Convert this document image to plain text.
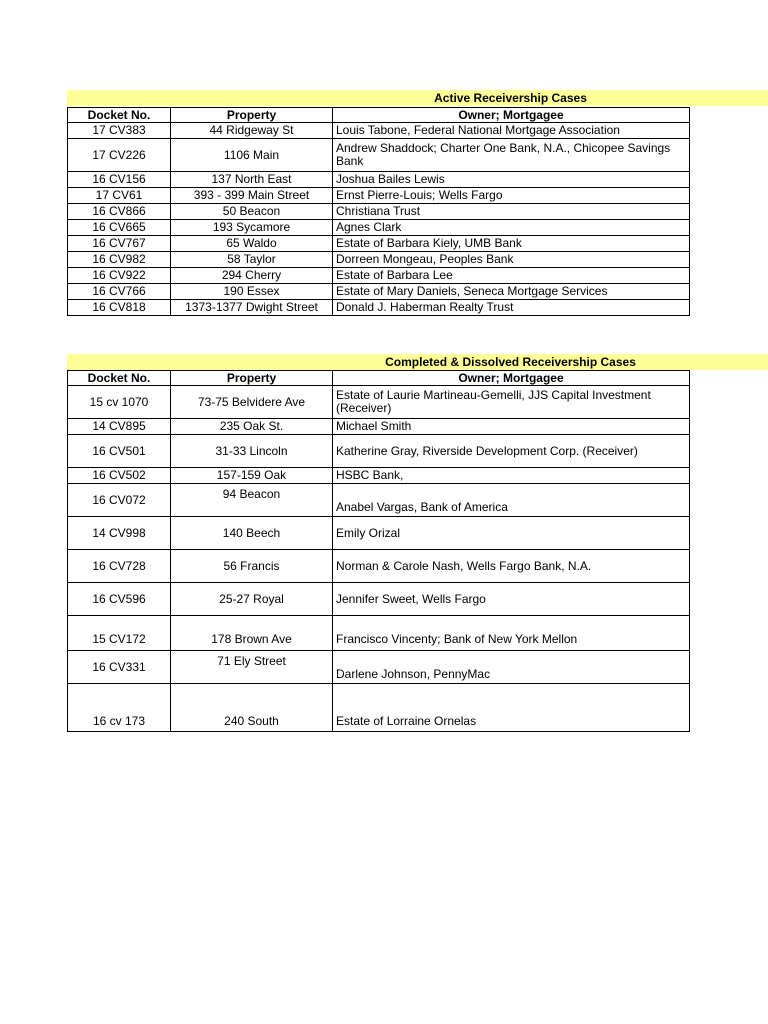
Active Receivership Cases
Docket No.	Property	Owner; Mortgagee
17 CV383	44 Ridgeway St	Louis Tabone, Federal National Mortgage Association
17 CV226	1106 Main	Andrew Shaddock; Charter One Bank, N.A., Chicopee Savings Bank
16 CV156	137 North East	Joshua Bailes Lewis
17 CV61	393 - 399 Main Street	Ernst Pierre-Louis; Wells Fargo
16 CV866	50 Beacon	Christiana Trust
16 CV665	193 Sycamore	Agnes Clark
16 CV767	65 Waldo	Estate of Barbara Kiely, UMB Bank
16 CV982	58 Taylor	Dorreen Mongeau, Peoples Bank
16 CV922	294 Cherry	Estate of Barbara Lee
16 CV766	190 Essex	Estate of Mary Daniels, Seneca Mortgage Services
16 CV818	1373-1377 Dwight Street	Donald J. Haberman Realty Trust
Completed & Dissolved Receivership Cases
Docket No.	Property	Owner; Mortgagee
15 cv 1070	73-75 Belvidere Ave	Estate of Laurie Martineau-Gemelli, JJS Capital Investment (Receiver)
14 CV895	235 Oak St.	Michael Smith
16 CV501	31-33 Lincoln	Katherine Gray, Riverside Development Corp. (Receiver)
16 CV502	157-159 Oak	HSBC Bank,
16 CV072	94 Beacon	Anabel Vargas, Bank of America
14 CV998	140 Beech	Emily Orizal
16 CV728	56 Francis	Norman & Carole Nash, Wells Fargo Bank, N.A.
16 CV596	25-27 Royal	Jennifer Sweet, Wells Fargo
15 CV172	178 Brown Ave	Francisco Vincenty; Bank of New York Mellon
16 CV331	71 Ely Street	Darlene Johnson, PennyMac
16 cv 173	240 South	Estate of Lorraine Ornelas
